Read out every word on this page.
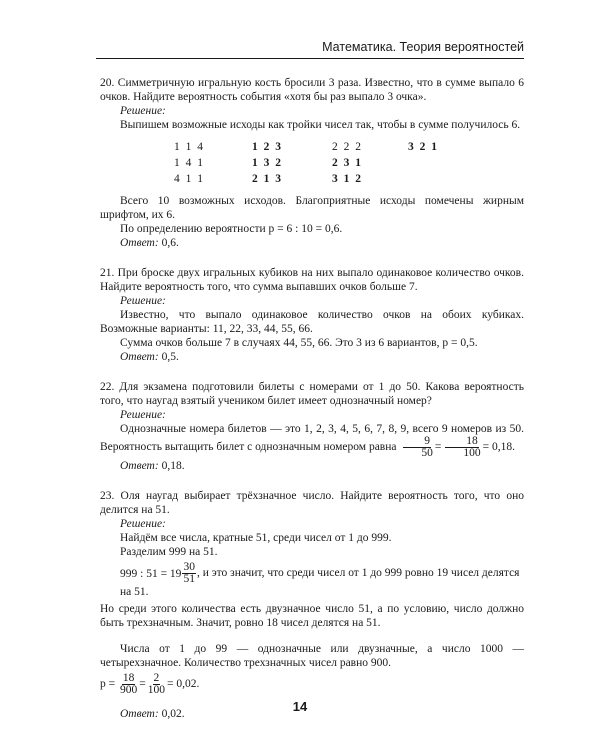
Математика. Теория вероятностей

20. Симметричную игральную кость бросили 3 раза. Известно, что в сумме выпало 6 очков. Найдите вероятность события «хотя бы раз выпало 3 очка».

Решение:

Выпишем возможные исходы как тройки чисел так, чтобы в сумме получилось 6.

1 1 4
1 4 1
4 1 1
1 2 3
1 3 2
2 1 3
2 2 2
2 3 1
3 1 2
3 2 1

Всего 10 возможных исходов. Благоприятные исходы помечены жирным шрифтом, их 6.

По определению вероятности p = 6 : 10 = 0,6.

Ответ: 0,6.

21. При броске двух игральных кубиков на них выпало одинаковое количество очков. Найдите вероятность того, что сумма выпавших очков больше 7.

Решение:

Известно, что выпало одинаковое количество очков на обоих кубиках. Возможные варианты: 11, 22, 33, 44, 55, 66.

Сумма очков больше 7 в случаях 44, 55, 66. Это 3 из 6 вариантов, p = 0,5.

Ответ: 0,5.

22. Для экзамена подготовили билеты с номерами от 1 до 50. Какова вероятность того, что наугад взятый учеником билет имеет однозначный номер?

Решение:

Однозначные номера билетов — это 1, 2, 3, 4, 5, 6, 7, 8, 9, всего 9 номеров из 50. Вероятность вытащить билет с однозначным номером равна $\frac{9}{50} = \frac{18}{100} = 0,18$.

Ответ: 0,18.

23. Оля наугад выбирает трёхзначное число. Найдите вероятность того, что оно делится на 51.

Решение:

Найдём все числа, кратные 51, среди чисел от 1 до 999.

Разделим 999 на 51.

999 : $51 = 19 \frac{30}{51}$ , и это значит, что среди чисел от 1 до 999 ровно 19 чисел делятся на 51.

Но среди этого количества есть двузначное число 51, а по условию, число должно быть трехзначным. Значит, ровно 18 чисел делятся на 51.

Числа от 1 до 99 — однозначные или двузначные, а число 1000 — четырехзначное. Количество трехзначных чисел равно 900.

$p = \frac{18}{900} = \frac{2}{100} = 0,02$.

Ответ: 0,02.	14
